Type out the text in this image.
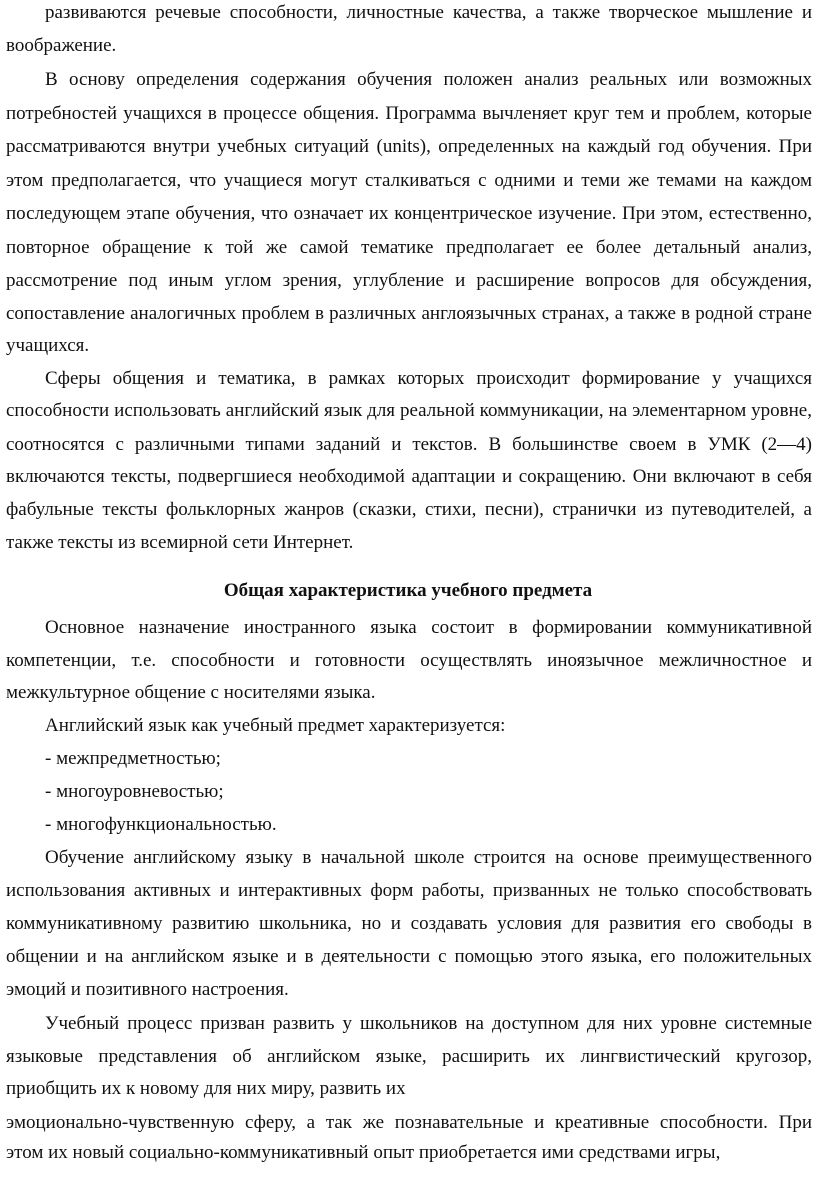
развиваются речевые способности, личностные качества, а также творческое мышление и
воображение.
В основу определения содержания обучения положен анализ реальных или возможных
потребностей учащихся в процессе общения. Программа вычленяет круг тем и проблем, которые
рассматриваются внутри учебных ситуаций (units), определенных на каждый год обучения. При
этом предполагается, что учащиеся могут сталкиваться с одними и теми же темами на каждом
последующем этапе обучения, что означает их концентрическое изучение. При этом, естественно,
повторное обращение к той же самой тематике предполагает ее более детальный анализ,
рассмотрение под иным углом зрения, углубление и расширение вопросов для обсуждения,
сопоставление аналогичных проблем в различных англоязычных странах, а также в родной стране
учащихся.
Сферы общения и тематика, в рамках которых происходит формирование у учащихся
способности использовать английский язык для реальной коммуникации, на элементарном уровне,
соотносятся с различными типами заданий и текстов. В большинстве своем в УМК (2—4)
включаются тексты, подвергшиеся необходимой адаптации и сокращению. Они включают в себя
фабульные тексты фольклорных жанров (сказки, стихи, песни), странички из путеводителей, а
также тексты из всемирной сети Интернет.
Общая характеристика учебного предмета
Основное назначение иностранного языка состоит в формировании коммуникативной
компетенции, т.е. способности и готовности осуществлять иноязычное межличностное и
межкультурное общение с носителями языка.
Английский язык как учебный предмет характеризуется:
- межпредметностью;
- многоуровневостью;
- многофункциональностью.
Обучение английскому языку в начальной школе строится на основе преимущественного
использования активных и интерактивных форм работы, призванных не только способствовать
коммуникативному развитию школьника, но и создавать условия для развития его свободы в
общении и на английском языке и в деятельности с помощью этого языка, его положительных
эмоций и позитивного настроения.
Учебный процесс призван развить у школьников на доступном для них уровне системные
языковые представления об английском языке, расширить их лингвистический кругозор,
приобщить их к новому для них миру, развить их
эмоционально-чувственную сферу, а так же познавательные и креативные способности. При
этом их новый социально-коммуникативный опыт приобретается ими средствами игры,
